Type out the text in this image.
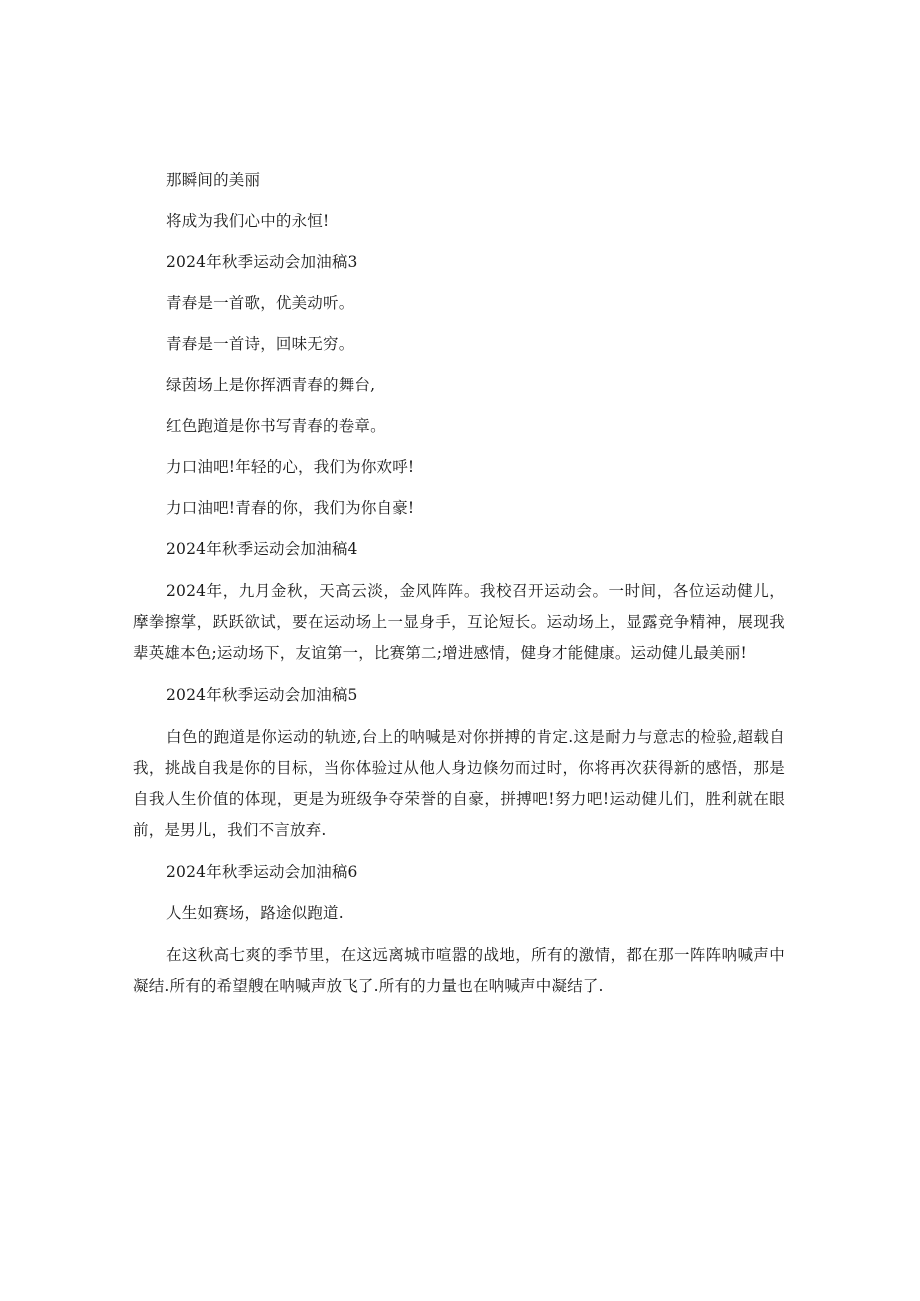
那瞬间的美丽

将成为我们心中的永恒!

2024年秋季运动会加油稿3

青春是一首歌，优美动听。

青春是一首诗，回味无穷。

绿茵场上是你挥洒青春的舞台,

红色跑道是你书写青春的卷章。

力口油吧!年轻的心，我们为你欢呼!

力口油吧!青春的你，我们为你自豪!

2024年秋季运动会加油稿4

2024年，九月金秋，天高云淡，金风阵阵。我校召开运动会。一时间，各位运动健儿，摩拳擦掌，跃跃欲试，要在运动场上一显身手，互论短长。运动场上，显露竞争精神，展现我辈英雄本色;运动场下，友谊第一，比赛第二;增进感情，健身才能健康。运动健儿最美丽!

2024年秋季运动会加油稿5

白色的跑道是你运动的轨迹,台上的呐喊是对你拼搏的肯定.这是耐力与意志的检验,超载自我，挑战自我是你的目标，当你体验过从他人身边倏勿而过时，你将再次获得新的感悟，那是自我人生价值的体现，更是为班级争夺荣誉的自豪，拼搏吧!努力吧!运动健儿们，胜利就在眼前，是男儿，我们不言放弃.

2024年秋季运动会加油稿6

人生如赛场，路途似跑道.

在这秋高七爽的季节里，在这远离城市喧嚣的战地，所有的激情，都在那一阵阵呐喊声中凝结.所有的希望艘在呐喊声放飞了.所有的力量也在呐喊声中凝结了.
